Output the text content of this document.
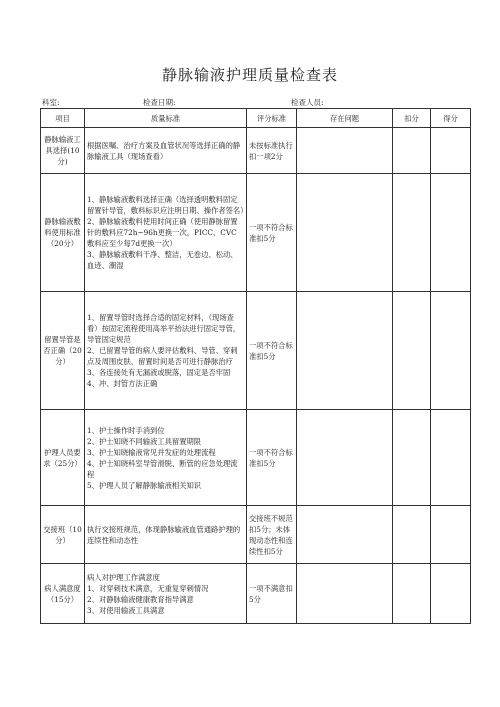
静脉输液护理质量检查表
科室:	检查日期:	检查人员:
项目	质量标准	评分标准	存在问题	扣分	得分
静脉输液工具选择(10分)	根据医嘱、治疗方案及血管状况等选择正确的静脉输液工具（现场查看）	未按标准执行扣一项2分			
静脉输液敷料使用标准（20分）	1、静脉输液敷料选择正确（选择透明敷料固定留置针导管，敷料标识应注明日期、操作者签名）
2、静脉输液敷料使用时间正确（使用静脉留置针的敷料应72h~96h更换一次，PICC、CVC敷料应至少每7d更换一次）
3、静脉输液敷料干净、整洁，无卷边、松动、血迹、潮湿	一项不符合标准扣5分			
留置导管是否正确（20分）	1、留置导管时选择合适的固定材料，（现场查看）按固定流程使用高举平抬法进行固定导管，导管固定规范
2、已留置导管的病人要评估敷料、导管、穿刺点及周围皮肤、留置时间是否可进行静脉治疗
3、各连接处有无漏液或脱落，固定是否牢固
4、冲、封管方法正确	一项不符合标准扣5分			
护理人员要求（25分）	1、护士操作时手消到位
2、护士知晓不同输液工具留置期限
3、护士知晓输液常见并发症的处理流程
4、护士知晓科室导管滑脱、断管的应急处理流程
5、护理人员了解静脉输液相关知识	一项不符合标准扣5分			
交接班（10分）	执行交接班规范，体现静脉输液血管通路护理的连续性和动态性	交接班不规范扣5分；未体现动态性和连续性扣5分			
病人满意度（15分）	病人对护理工作满意度
1、对穿刺技术满意，无重复穿刺情况
2、对静脉输液健康教育指导满意
3、对使用输液工具满意	一项不满意扣5分			
